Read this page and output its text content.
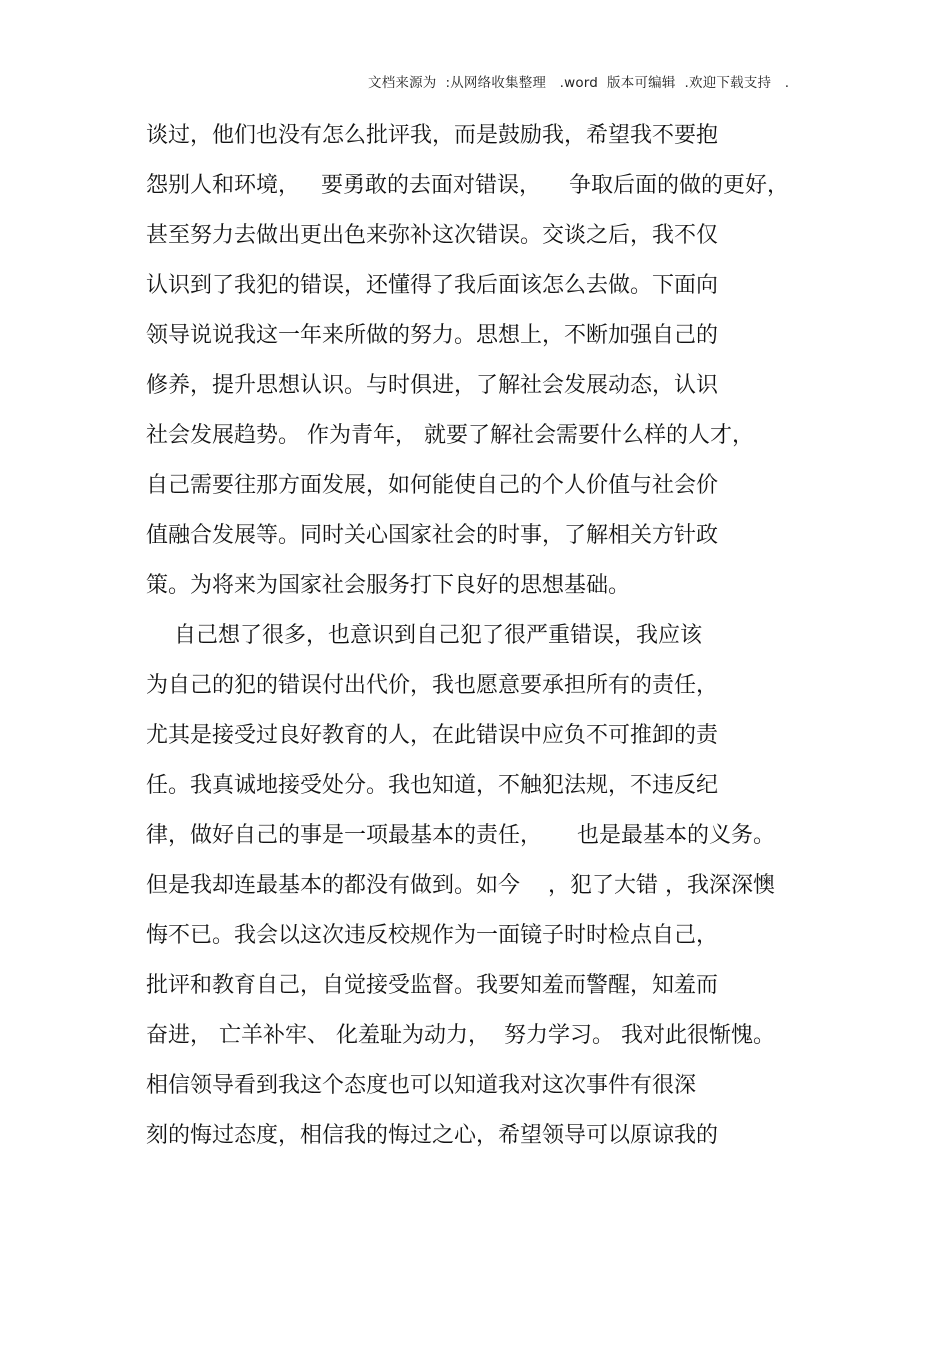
文档来源为  :从网络收集整理   .word  版本可编辑  .欢迎下载支持   .
谈过，他们也没有怎么批评我，而是鼓励我，希望我不要抱
怨别人和环境，   要勇敢的去面对错误，    争取后面的做的更好，
甚至努力去做出更出色来弥补这次错误。交谈之后，我不仅
认识到了我犯的错误，还懂得了我后面该怎么去做。下面向
领导说说我这一年来所做的努力。思想上，不断加强自己的
修养，提升思想认识。与时俱进，了解社会发展动态，认识
社会发展趋势。 作为青年， 就要了解社会需要什么样的人才，
自己需要往那方面发展，如何能使自己的个人价值与社会价
值融合发展等。同时关心国家社会的时事，了解相关方针政
策。为将来为国家社会服务打下良好的思想基础。
自己想了很多，也意识到自己犯了很严重错误，我应该
为自己的犯的错误付出代价，我也愿意要承担所有的责任，
尤其是接受过良好教育的人，在此错误中应负不可推卸的责
任。我真诚地接受处分。我也知道，不触犯法规，不违反纪
律，做好自己的事是一项最基本的责任，     也是最基本的义务。
但是我却连最基本的都没有做到。如今    ，犯了大错 ，我深深懊
悔不已。我会以这次违反校规作为一面镜子时时检点自己，
批评和教育自己，自觉接受监督。我要知羞而警醒，知羞而
奋进， 亡羊补牢、 化羞耻为动力，  努力学习。 我对此很惭愧。
相信领导看到我这个态度也可以知道我对这次事件有很深
刻的悔过态度，相信我的悔过之心，希望领导可以原谅我的
